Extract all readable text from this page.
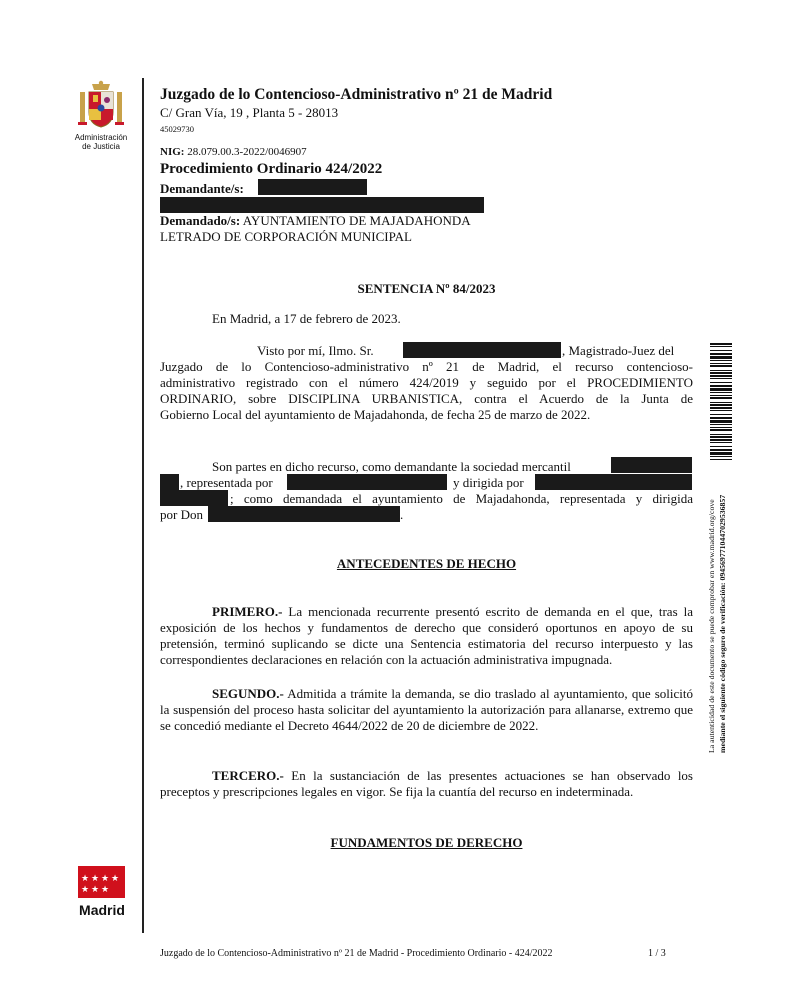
Administración
de Justicia
Juzgado de lo Contencioso-Administrativo nº 21 de Madrid
C/ Gran Vía, 19 , Planta 5 - 28013
45029730
NIG: 28.079.00.3-2022/0046907
Procedimiento Ordinario 424/2022
Demandante/s:
Demandado/s: AYUNTAMIENTO DE MAJADAHONDA
LETRADO DE CORPORACIÓN MUNICIPAL
SENTENCIA Nº 84/2023
En Madrid, a 17 de febrero de 2023.
Visto por mí, Ilmo. Sr.	, Magistrado-Juez del
Juzgado de lo Contencioso-administrativo nº 21 de Madrid, el recurso contencioso-
administrativo registrado con el número 424/2019 y seguido por el PROCEDIMIENTO
ORDINARIO, sobre DISCIPLINA URBANISTICA, contra el Acuerdo de la Junta de
Gobierno Local del ayuntamiento de Majadahonda, de fecha 25 de marzo de 2022.
Son partes en dicho recurso, como demandante la sociedad mercantil
, representada por	y dirigida por
; como demandada el ayuntamiento de Majadahonda, representada y dirigida
por Don	.
ANTECEDENTES DE HECHO
PRIMERO.- La mencionada recurrente presentó escrito de demanda en el que, tras la exposición de los hechos y fundamentos de derecho que consideró oportunos en apoyo de su pretensión, terminó suplicando se dicte una Sentencia estimatoria del recurso interpuesto y las correspondientes declaraciones en relación con la actuación administrativa impugnada.
SEGUNDO.- Admitida a trámite la demanda, se dio traslado al ayuntamiento, que solicitó la suspensión del proceso hasta solicitar del ayuntamiento la autorización para allanarse, extremo que se concedió mediante el Decreto 4644/2022 de 20 de diciembre de 2022.
TERCERO.- En la sustanciación de las presentes actuaciones se han observado los preceptos y prescripciones legales en vigor. Se fija la cuantía del recurso en indeterminada.
FUNDAMENTOS DE DERECHO
La autenticidad de este documento se puede comprobar en www.madrid.org/cove mediante el siguiente código seguro de verificación: 0945697710447029536857
★ ★ ★ ★
★ ★ ★
Madrid
Juzgado de lo Contencioso-Administrativo nº 21 de Madrid - Procedimiento Ordinario - 424/2022	1 / 3
